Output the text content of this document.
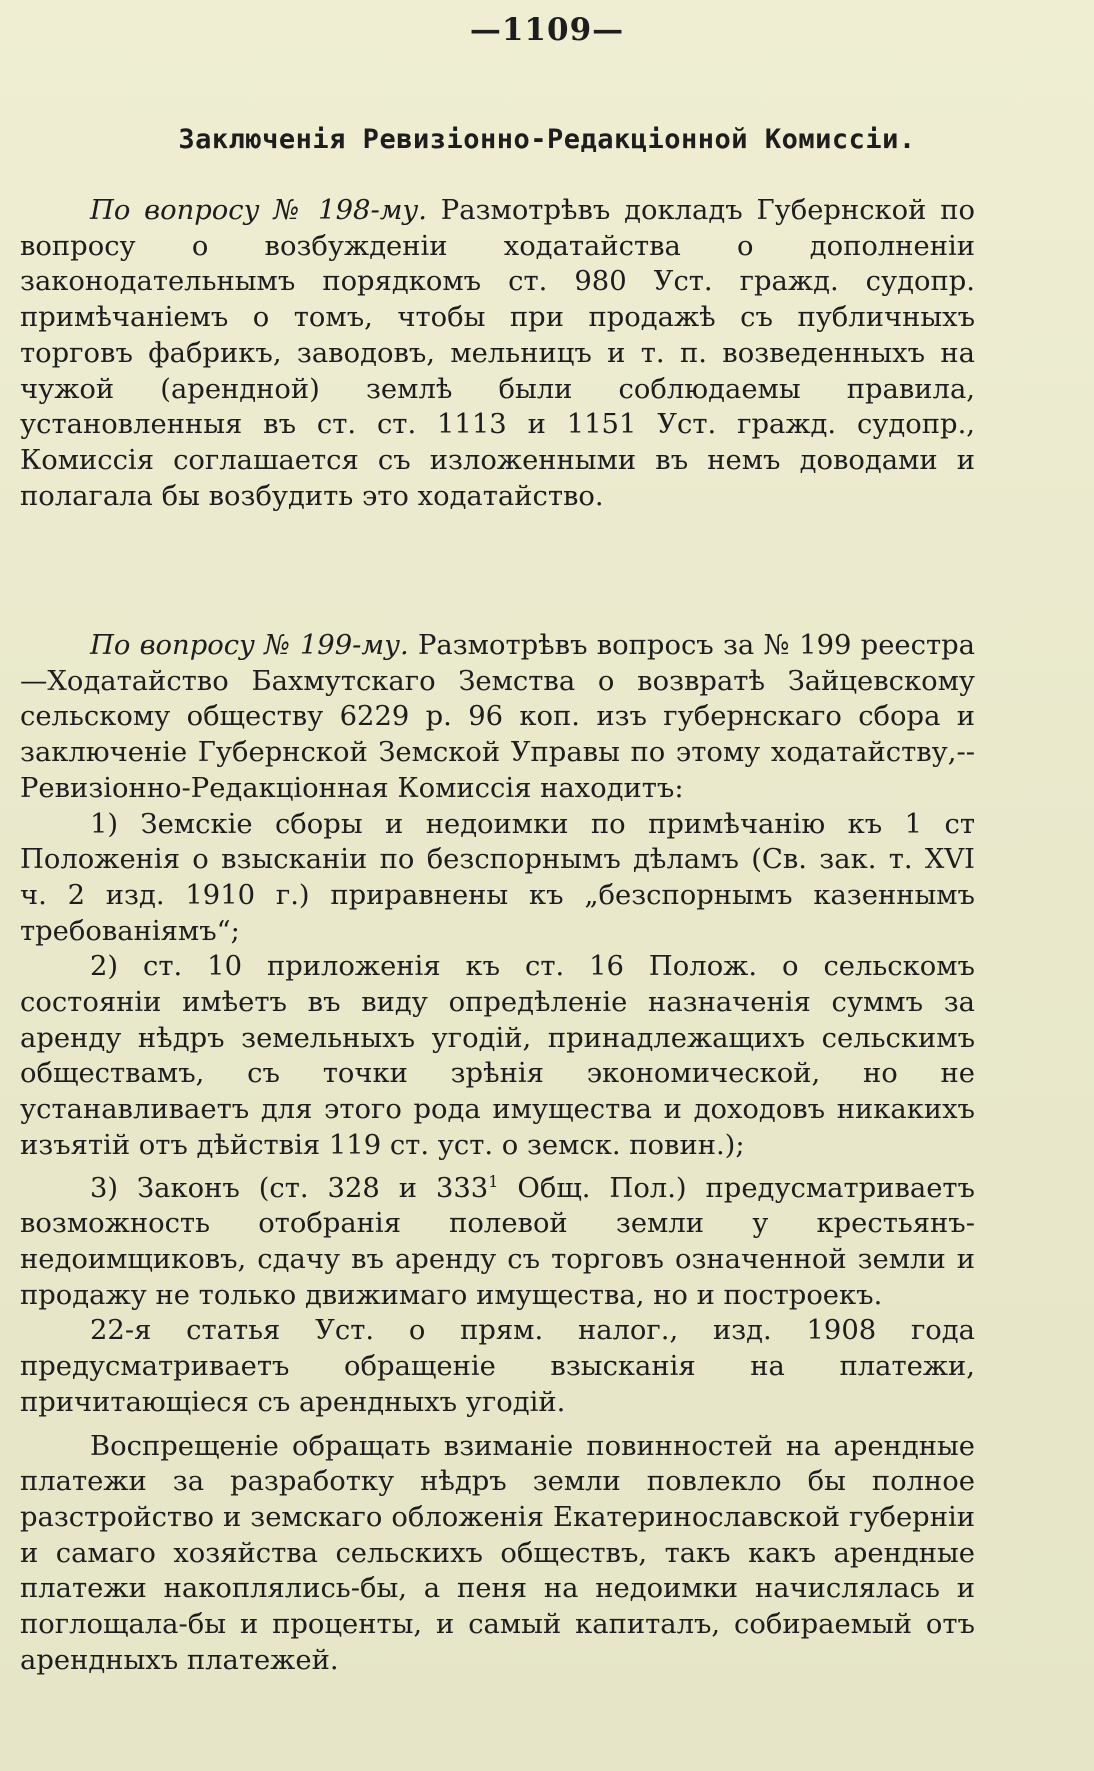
—1109—
Заключенія Ревизіонно-Редакціонной Комиссіи.

По вопросу № 198-му. Размотрѣвъ докладъ Губернской по вопросу о возбужденіи ходатайства о дополненіи законодательнымъ порядкомъ ст. 980 Уст. гражд. судопр. примѣчаніемъ о томъ, чтобы при продажѣ съ публичныхъ торговъ фабрикъ, заводовъ, мельницъ и т. п. возведенныхъ на чужой (арендной) землѣ были соблюдаемы правила, установленныя въ ст. ст. 1113 и 1151 Уст. гражд. судопр., Комиссія соглашается съ изложенными въ немъ доводами и полагала бы возбудить это ходатайство.

По вопросу № 199-му. Размотрѣвъ вопросъ за № 199 реестра—Ходатайство Бахмутскаго Земства о возвратѣ Зайцевскому сельскому обществу 6229 р. 96 коп. изъ губернскаго сбора и заключеніе Губернской Земской Управы по этому ходатайству,--Ревизіонно-Редакціонная Комиссія находитъ:

1) Земскіе сборы и недоимки по примѣчанію къ 1 ст Положенія о взысканіи по безспорнымъ дѣламъ (Св. зак. т. XVI ч. 2 изд. 1910 г.) приравнены къ „безспорнымъ казеннымъ требованіямъ“;

2) ст. 10 приложенія къ ст. 16 Полож. о сельскомъ состояніи имѣетъ въ виду опредѣленіе назначенія суммъ за аренду нѣдръ земельныхъ угодій, принадлежащихъ сельскимъ обществамъ, съ точки зрѣнія экономической, но не устанавливаетъ для этого рода имущества и доходовъ никакихъ изъятій отъ дѣйствія 119 ст. уст. о земск. повин.);

3) Законъ (ст. 328 и $333^1$ Общ. Пол.) предусматриваетъ возможность отобранія полевой земли у крестьянъ-недоимщиковъ, сдачу въ аренду съ торговъ означенной земли и продажу не только движимаго имущества, но и построекъ.

22-я статья Уст. о прям. налог., изд. 1908 года предусматриваетъ обращеніе взысканія на платежи, причитающіеся съ арендныхъ угодій.

Воспрещеніе обращать взиманіе повинностей на арендные платежи за разработку нѣдръ земли повлекло бы полное разстройство и земскаго обложенія Екатеринославской губерніи и самаго хозяйства сельскихъ обществъ, такъ какъ арендные платежи накоплялись-бы, а пеня на недоимки начислялась и поглощала-бы и проценты, и самый капиталъ, собираемый отъ арендныхъ платежей.
